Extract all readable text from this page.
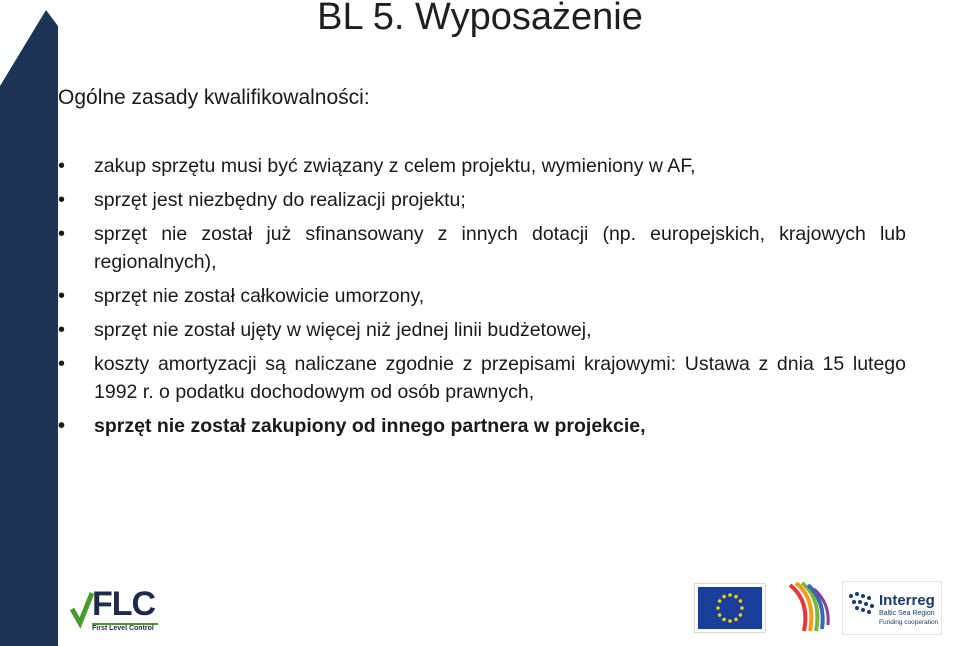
BL 5. Wyposażenie
Ogólne zasady kwalifikowalności:
• zakup sprzętu musi być związany z celem projektu, wymieniony w AF,
• sprzęt jest niezbędny do realizacji projektu;
• sprzęt nie został już sfinansowany z innych dotacji (np. europejskich, krajowych lub regionalnych),
• sprzęt nie został całkowicie umorzony,
• sprzęt nie został ujęty w więcej niż jednej linii budżetowej,
• koszty amortyzacji są naliczane zgodnie z przepisami krajowymi: Ustawa z dnia 15 lutego 1992 r. o podatku dochodowym od osób prawnych,
• sprzęt nie został zakupiony od innego partnera w projekcie,
FLC
First Level Control
Interreg
Baltic Sea Region
Funding cooperation
